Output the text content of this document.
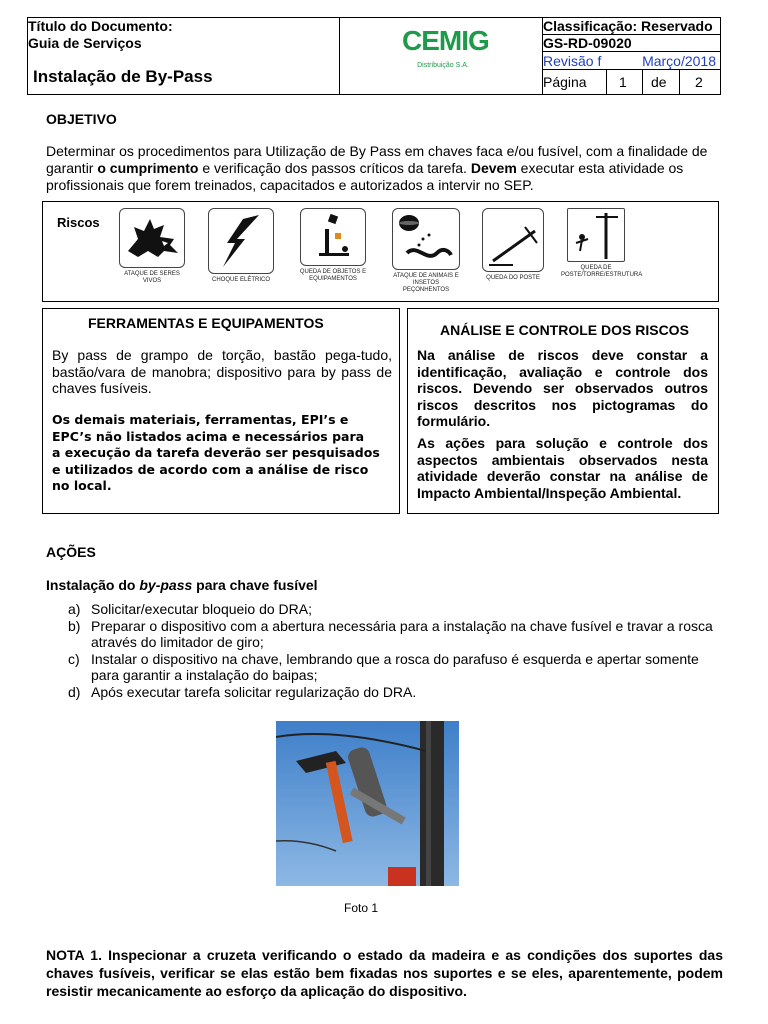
Título do Documento:
Guia de Serviços
Instalação de By-Pass
CEMIG
Distribuição S.A.
Classificação: Reservado
GS-RD-09020
Revisão f	Março/2018
Página 1 de 2
OBJETIVO
Determinar os procedimentos para Utilização de By Pass em chaves faca e/ou fusível, com a finalidade de
garantir o cumprimento e verificação dos passos críticos da tarefa. Devem executar esta atividade os
profissionais que forem treinados, capacitados e autorizados a intervir no SEP.
Riscos
ATAQUE DE SERES VIVOS	CHOQUE ELÉTRICO
QUEDA DE OBJETOS E EQUIPAMENTOS	ATAQUE DE ANIMAIS E INSETOS PEÇONHENTOS
QUEDA DO POSTE
QUEDA DE POSTE/TORRE/ESTRUTURA
FERRAMENTAS E EQUIPAMENTOS
By pass de grampo de torção, bastão pega-tudo, bastão/vara de manobra; dispositivo para by pass de chaves fusíveis.
Os demais materiais, ferramentas, EPI’s e
EPC’s não listados acima e necessários para
a execução da tarefa deverão ser pesquisados
e utilizados de acordo com a análise de risco
no local.
ANÁLISE E CONTROLE DOS RISCOS
Na análise de riscos deve constar a identificação, avaliação e controle dos riscos. Devendo ser observados outros riscos descritos nos pictogramas do formulário.
As ações para solução e controle dos aspectos ambientais observados nesta atividade deverão constar na análise de Impacto Ambiental/Inspeção Ambiental.
AÇÕES
Instalação do by-pass para chave fusível
a) Solicitar/executar bloqueio do DRA;
b) Preparar o dispositivo com a abertura necessária para a instalação na chave fusível e travar a rosca através do limitador de giro;
c) Instalar o dispositivo na chave, lembrando que a rosca do parafuso é esquerda e apertar somente para garantir a instalação do baipas;
d) Após executar tarefa solicitar regularização do DRA.
Foto 1
NOTA 1. Inspecionar a cruzeta verificando o estado da madeira e as condições dos suportes das chaves fusíveis, verificar se elas estão bem fixadas nos suportes e se eles, aparentemente, podem resistir mecanicamente ao esforço da aplicação do dispositivo.
